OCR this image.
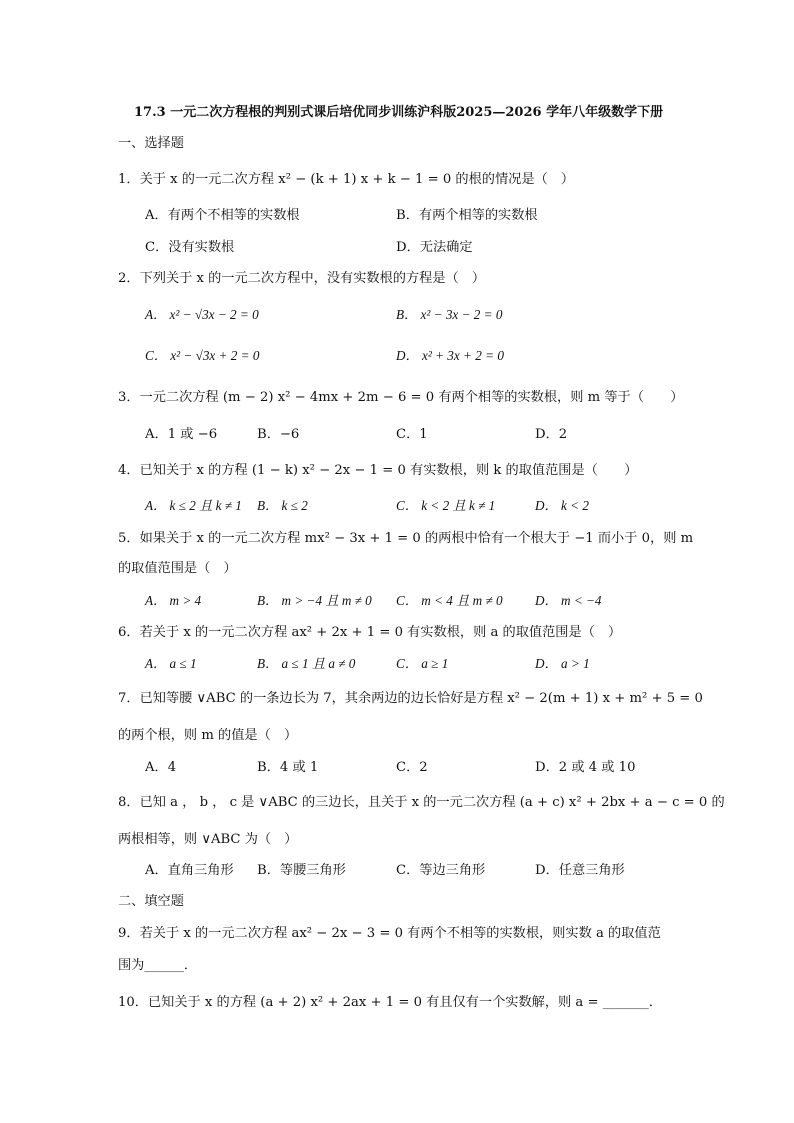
17.3 一元二次方程根的判别式课后培优同步训练沪科版2025—2026 学年八年级数学下册
一、选择题
1．关于 x 的一元二次方程 x² − (k + 1) x + k − 1 = 0 的根的情况是（　）
A．有两个不相等的实数根	B．有两个相等的实数根
C．没有实数根	D．无法确定
2．下列关于 x 的一元二次方程中，没有实数根的方程是（　）
A． x² − √3x − 2 = 0	B． x² − 3x − 2 = 0
C． x² − √3x + 2 = 0	D． x² + 3x + 2 = 0
3．一元二次方程 (m − 2) x² − 4mx + 2m − 6 = 0 有两个相等的实数根，则 m 等于（　　）
A．1 或 −6	B．−6	C．1	D．2
4．已知关于 x 的方程 (1 − k) x² − 2x − 1 = 0 有实数根，则 k 的取值范围是（　　）
A． k ≤ 2 且 k ≠ 1 B． k ≤ 2	C． k < 2 且 k ≠ 1	D． k < 2
5．如果关于 x 的一元二次方程 mx² − 3x + 1 = 0 的两根中恰有一个根大于 −1 而小于 0，则 m
的取值范围是（　）
A． m > 4	B． m > −4 且 m ≠ 0 C． m < 4 且 m ≠ 0 D． m < −4
6．若关于 x 的一元二次方程 ax² + 2x + 1 = 0 有实数根，则 a 的取值范围是（　）
A． a ≤ 1	B． a ≤ 1 且 a ≠ 0	C． a ≥ 1	D． a > 1
7．已知等腰 ∨ABC 的一条边长为 7，其余两边的边长恰好是方程 x² − 2(m + 1) x + m² + 5 = 0
的两个根，则 m 的值是（　）
A．4	B．4 或 1	C．2	D．2 或 4 或 10
8．已知 a ， b ， c 是 ∨ABC 的三边长，且关于 x 的一元二次方程 (a + c) x² + 2bx + a − c = 0 的
两根相等，则 ∨ABC 为（　）
A．直角三角形 B．等腰三角形	C．等边三角形	D．任意三角形
二、填空题
9．若关于 x 的一元二次方程 ax² − 2x − 3 = 0 有两个不相等的实数根，则实数 a 的取值范
围为______．
10．已知关于 x 的方程 (a + 2) x² + 2ax + 1 = 0 有且仅有一个实数解，则 a = _______．
